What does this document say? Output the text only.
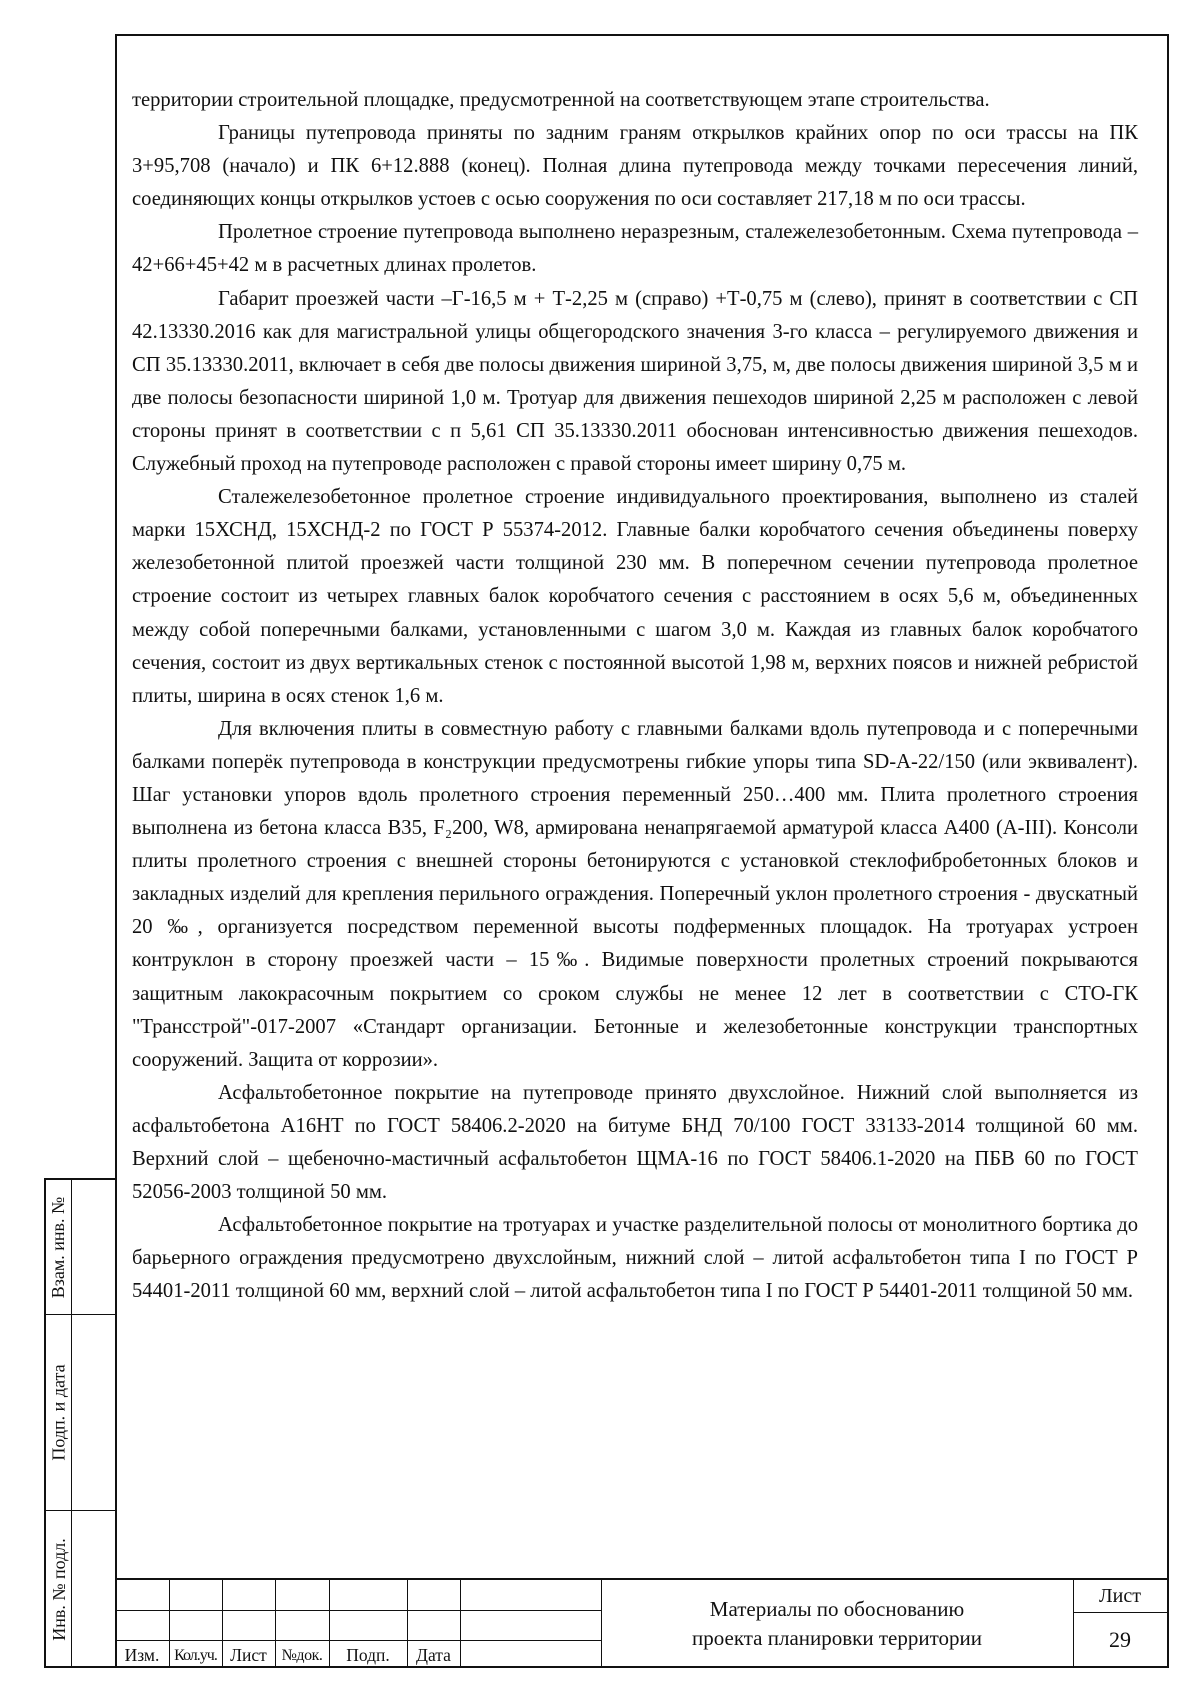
территории строительной площадке, предусмотренной на соответствующем этапе строительства.

Границы путепровода приняты по задним граням открылков крайних опор по оси трассы на ПК 3+95,708 (начало) и ПК 6+12.888 (конец). Полная длина путепровода между точками пересечения линий, соединяющих концы открылков устоев с осью сооружения по оси составляет 217,18 м по оси трассы.

Пролетное строение путепровода выполнено неразрезным, сталежелезобетонным. Схема путепровода – 42+66+45+42 м в расчетных длинах пролетов.

Габарит проезжей части –Г-16,5 м + Т-2,25 м (справо) +Т-0,75 м (слево), принят в соответствии с СП 42.13330.2016 как для магистральной улицы общегородского значения 3-го класса – регулируемого движения и СП 35.13330.2011, включает в себя две полосы движения шириной 3,75, м, две полосы движения шириной 3,5 м и две полосы безопасности шириной 1,0 м. Тротуар для движения пешеходов шириной 2,25 м расположен с левой стороны принят в соответствии с п 5,61 СП 35.13330.2011 обоснован интенсивностью движения пешеходов. Служебный проход на путепроводе расположен с правой стороны имеет ширину 0,75 м.

Сталежелезобетонное пролетное строение индивидуального проектирования, выполнено из сталей марки 15ХСНД, 15ХСНД-2 по ГОСТ Р 55374-2012. Главные балки коробчатого сечения объединены поверху железобетонной плитой проезжей части толщиной 230 мм. В поперечном сечении путепровода пролетное строение состоит из четырех главных балок коробчатого сечения с расстоянием в осях 5,6 м, объединенных между собой поперечными балками, установленными с шагом 3,0 м. Каждая из главных балок коробчатого сечения, состоит из двух вертикальных стенок с постоянной высотой 1,98 м, верхних поясов и нижней ребристой плиты, ширина в осях стенок 1,6 м.

Для включения плиты в совместную работу с главными балками вдоль путепровода и с поперечными балками поперёк путепровода в конструкции предусмотрены гибкие упоры типа SD-A-22/150 (или эквивалент). Шаг установки упоров вдоль пролетного строения переменный 250…400 мм. Плита пролетного строения выполнена из бетона класса В35, F₂200, W8, армирована ненапрягаемой арматурой класса А400 (А-III). Консоли плиты пролетного строения с внешней стороны бетонируются с установкой стеклофибробетонных блоков и закладных изделий для крепления перильного ограждения. Поперечный уклон пролетного строения - двускатный 20 ‰, организуется посредством переменной высоты подферменных площадок. На тротуарах устроен контруклон в сторону проезжей части – 15‰. Видимые поверхности пролетных строений покрываются защитным лакокрасочным покрытием со сроком службы не менее 12 лет в соответствии с СТО-ГК "Трансстрой"-017-2007 «Стандарт организации. Бетонные и железобетонные конструкции транспортных сооружений. Защита от коррозии».

Асфальтобетонное покрытие на путепроводе принято двухслойное. Нижний слой выполняется из асфальтобетона А16НТ по ГОСТ 58406.2-2020 на битуме БНД 70/100 ГОСТ 33133-2014 толщиной 60 мм. Верхний слой – щебеночно-мастичный асфальтобетон ЩМА-16 по ГОСТ 58406.1-2020 на ПБВ 60 по ГОСТ 52056-2003 толщиной 50 мм.

Асфальтобетонное покрытие на тротуарах и участке разделительной полосы от монолитного бортика до барьерного ограждения предусмотрено двухслойным, нижний слой – литой асфальтобетон типа I по ГОСТ Р 54401-2011 толщиной 60 мм, верхний слой – литой асфальтобетон типа I по ГОСТ Р 54401-2011 толщиной 50 мм.

Взам. инв. №
Подп. и дата
Инв. № подл.
Изм. Кол.уч. Лист №док.	Подп.	Дата
Материалы по обоснованию
проекта планировки территории
Лист
29
